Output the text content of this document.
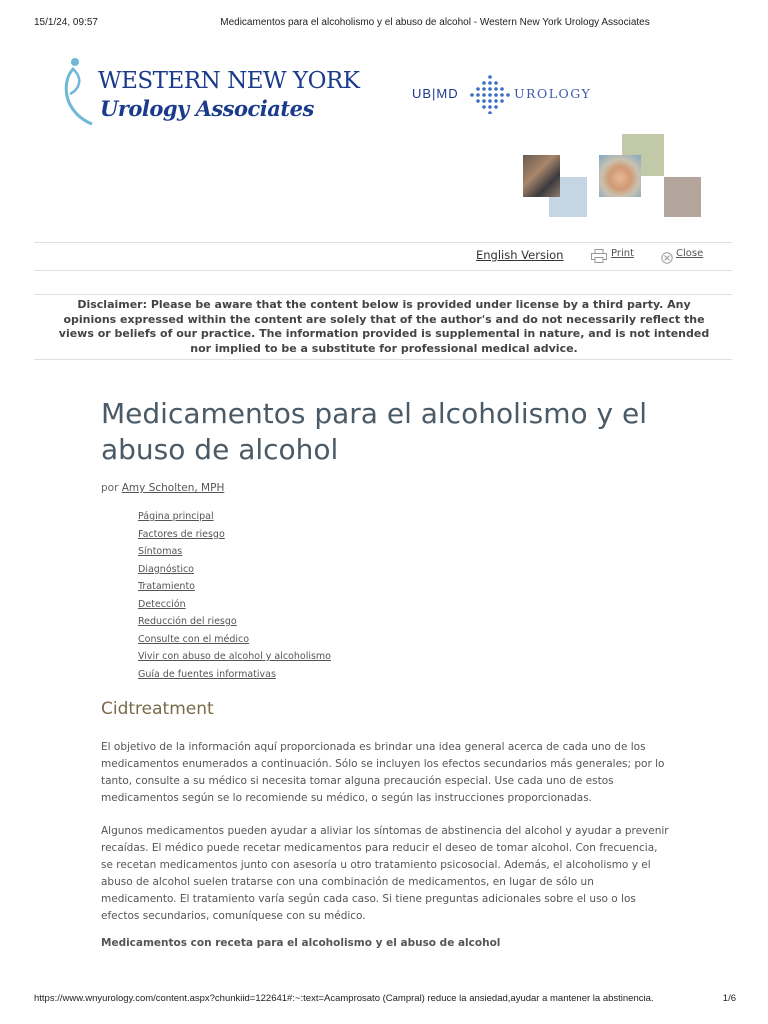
15/1/24, 09:57	Medicamentos para el alcoholismo y el abuso de alcohol - Western New York Urology Associates
WESTERN NEW YORK
Urology Associates
UB|MD	UROLOGY
English Version	Print	Close
Disclaimer: Please be aware that the content below is provided under license by a third party. Any opinions expressed within the content are solely that of the author's and do not necessarily reflect the views or beliefs of our practice. The information provided is supplemental in nature, and is not intended nor implied to be a substitute for professional medical advice.
Medicamentos para el alcoholismo y el abuso de alcohol
por Amy Scholten, MPH
Página principal
Factores de riesgo
Síntomas
Diagnóstico
Tratamiento
Detección
Reducción del riesgo
Consulte con el médico
Vivir con abuso de alcohol y alcoholismo
Guía de fuentes informativas
Cidtreatment

El objetivo de la información aquí proporcionada es brindar una idea general acerca de cada uno de los medicamentos enumerados a continuación. Sólo se incluyen los efectos secundarios más generales; por lo tanto, consulte a su médico si necesita tomar alguna precaución especial. Use cada uno de estos medicamentos según se lo recomiende su médico, o según las instrucciones proporcionadas.

Algunos medicamentos pueden ayudar a aliviar los síntomas de abstinencia del alcohol y ayudar a prevenir recaídas. El médico puede recetar medicamentos para reducir el deseo de tomar alcohol. Con frecuencia, se recetan medicamentos junto con asesoría u otro tratamiento psicosocial. Además, el alcoholismo y el abuso de alcohol suelen tratarse con una combinación de medicamentos, en lugar de sólo un medicamento. El tratamiento varía según cada caso. Si tiene preguntas adicionales sobre el uso o los efectos secundarios, comuníquese con su médico.

Medicamentos con receta para el alcoholismo y el abuso de alcohol
https://www.wnyurology.com/content.aspx?chunkiid=122641#:~:text=Acamprosato (Campral) reduce la ansiedad,ayudar a mantener la abstinencia.	1/6
